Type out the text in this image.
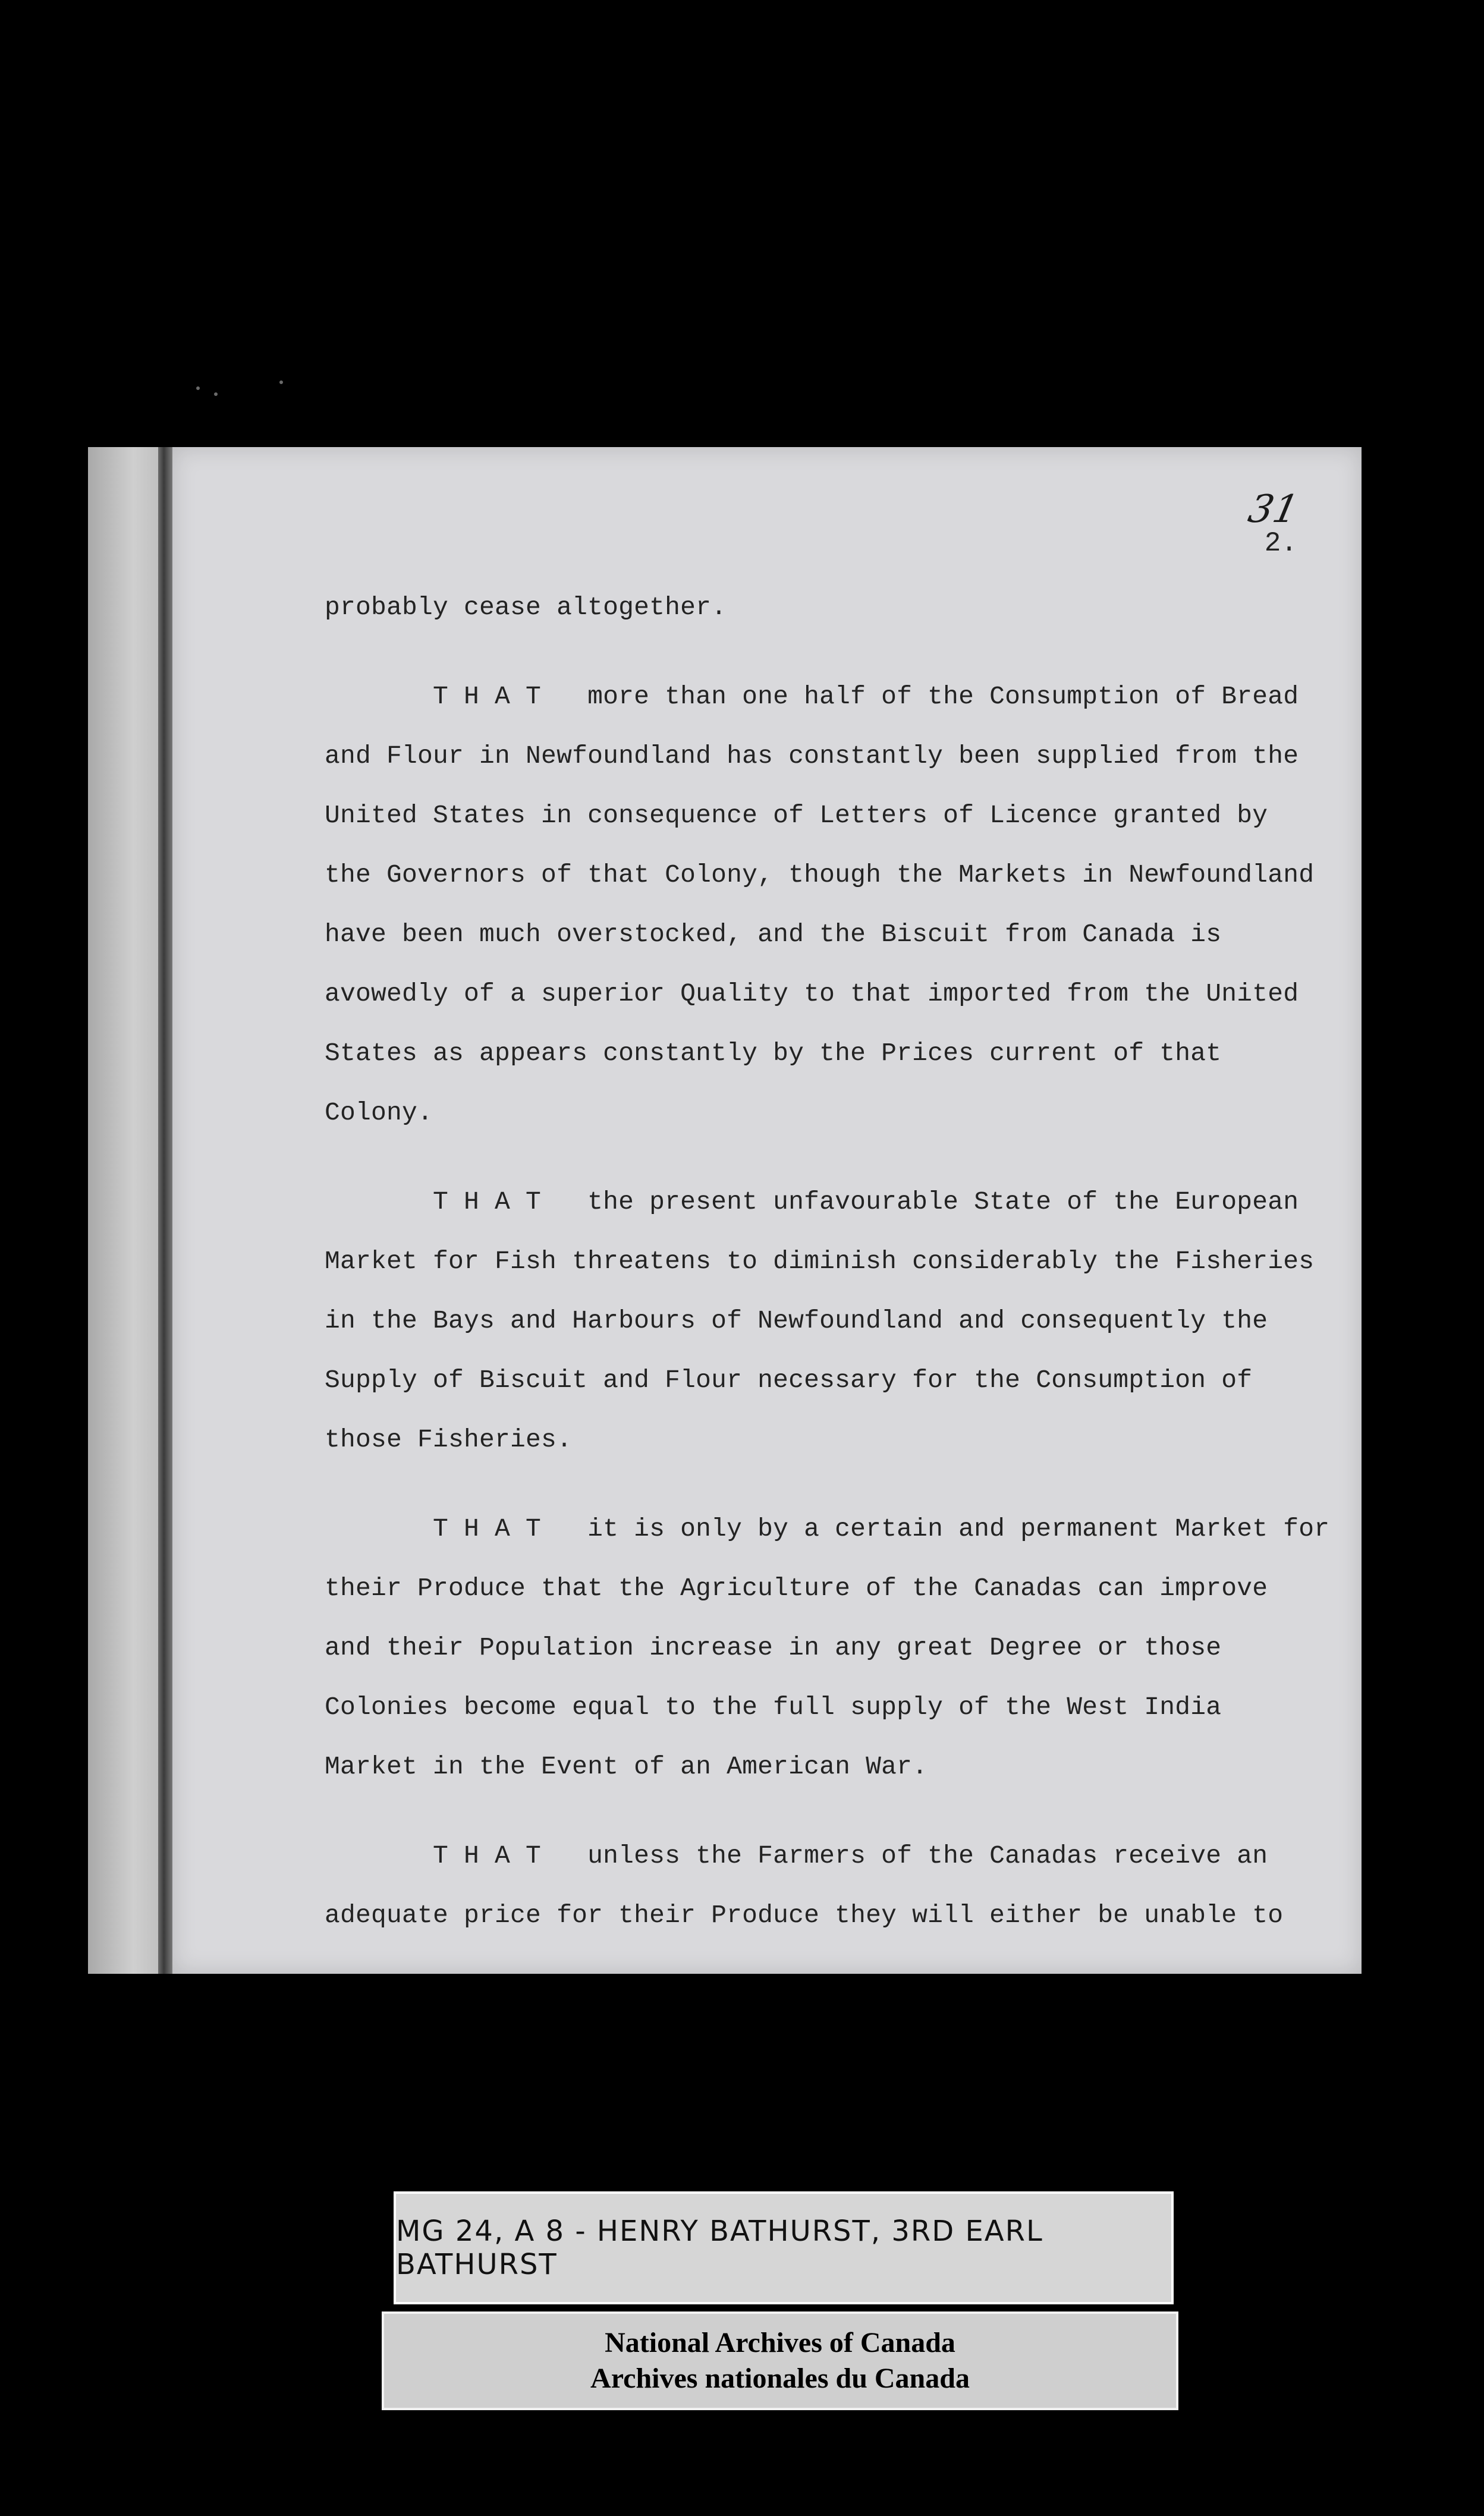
31
2.
probably cease altogether.
T H A T   more than one half of the Consumption of Bread
and Flour in Newfoundland has constantly been supplied from the
United States in consequence of Letters of Licence granted by
the Governors of that Colony, though the Markets in Newfoundland
have been much overstocked, and the Biscuit from Canada is
avowedly of a superior Quality to that imported from the United
States as appears constantly by the Prices current of that
Colony.
T H A T   the present unfavourable State of the European
Market for Fish threatens to diminish considerably the Fisheries
in the Bays and Harbours of Newfoundland and consequently the
Supply of Biscuit and Flour necessary for the Consumption of
those Fisheries.
T H A T   it is only by a certain and permanent Market for
their Produce that the Agriculture of the Canadas can improve
and their Population increase in any great Degree or those
Colonies become equal to the full supply of the West India
Market in the Event of an American War.
T H A T   unless the Farmers of the Canadas receive an
adequate price for their Produce they will either be unable to
MG 24, A 8 - HENRY BATHURST, 3RD EARL BATHURST
National Archives of Canada
Archives nationales du Canada
